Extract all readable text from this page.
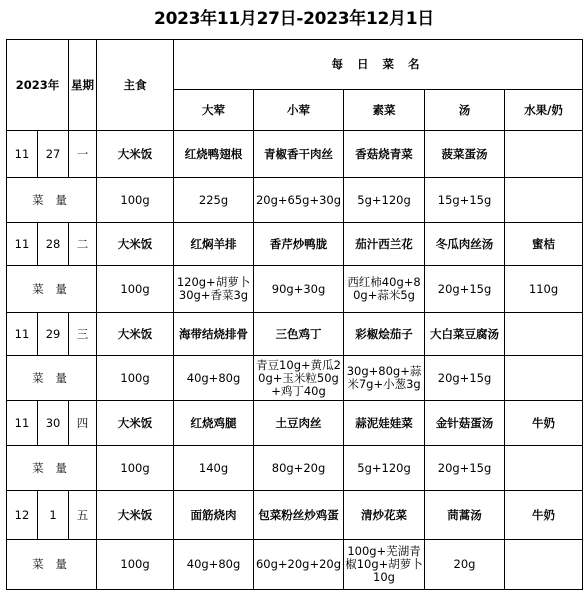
2023年11月27日-2023年12月1日
2023年		星期	主食	每 日 菜 名				
				大荤	小荤	素菜	汤	水果/奶
11	27	一	大米饭	红烧鸭翅根	青椒香干肉丝	香菇烧青菜	菠菜蛋汤	
菜 量			100g	225g	20g+65g+30g	5g+120g	15g+15g	
11	28	二	大米饭	红焖羊排	香芹炒鸭胧	茄汁西兰花	冬瓜肉丝汤	蜜桔
菜 量			100g	120g+胡萝卜30g+香菜3g	90g+30g	西红柿40g+80g+蒜米5g	20g+15g	110g
11	29	三	大米饭	海带结烧排骨	三色鸡丁	彩椒烩茄子	大白菜豆腐汤	
菜 量			100g	40g+80g	青豆10g+黄瓜20g+玉米粒50g+鸡丁40g	30g+80g+蒜米7g+小葱3g	20g+15g	
11	30	四	大米饭	红烧鸡腿	土豆肉丝	蒜泥娃娃菜	金针菇蛋汤	牛奶
菜 量			100g	140g	80g+20g	5g+120g	20g+15g	
12	1	五	大米饭	面筋烧肉	包菜粉丝炒鸡蛋	清炒花菜	茼蒿汤	牛奶
菜 量			100g	40g+80g	60g+20g+20g	100g+芜湖青椒10g+胡萝卜10g	20g	
